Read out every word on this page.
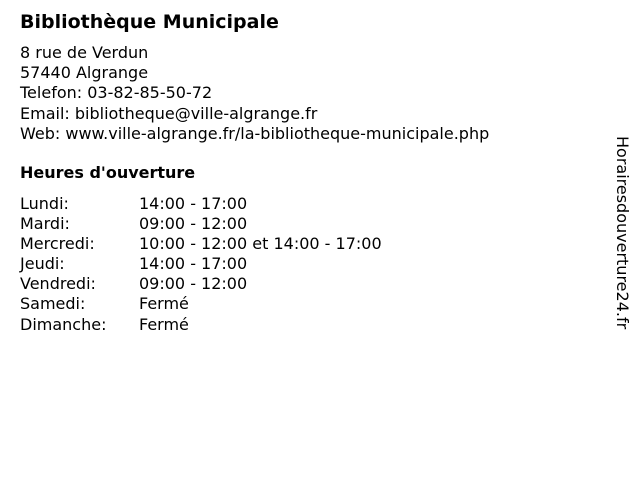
Bibliothèque Municipale
8 rue de Verdun
57440 Algrange
Telefon: 03-82-85-50-72
Email: bibliotheque@ville-algrange.fr
Web: www.ville-algrange.fr/la-bibliotheque-municipale.php
Heures d'ouverture
Lundi:	14:00 - 17:00
Mardi:	09:00 - 12:00
Mercredi:	10:00 - 12:00 et 14:00 - 17:00
Jeudi:	14:00 - 17:00
Vendredi:	09:00 - 12:00
Samedi:	Fermé
Dimanche: Fermé	Horairesdouverture24.fr
